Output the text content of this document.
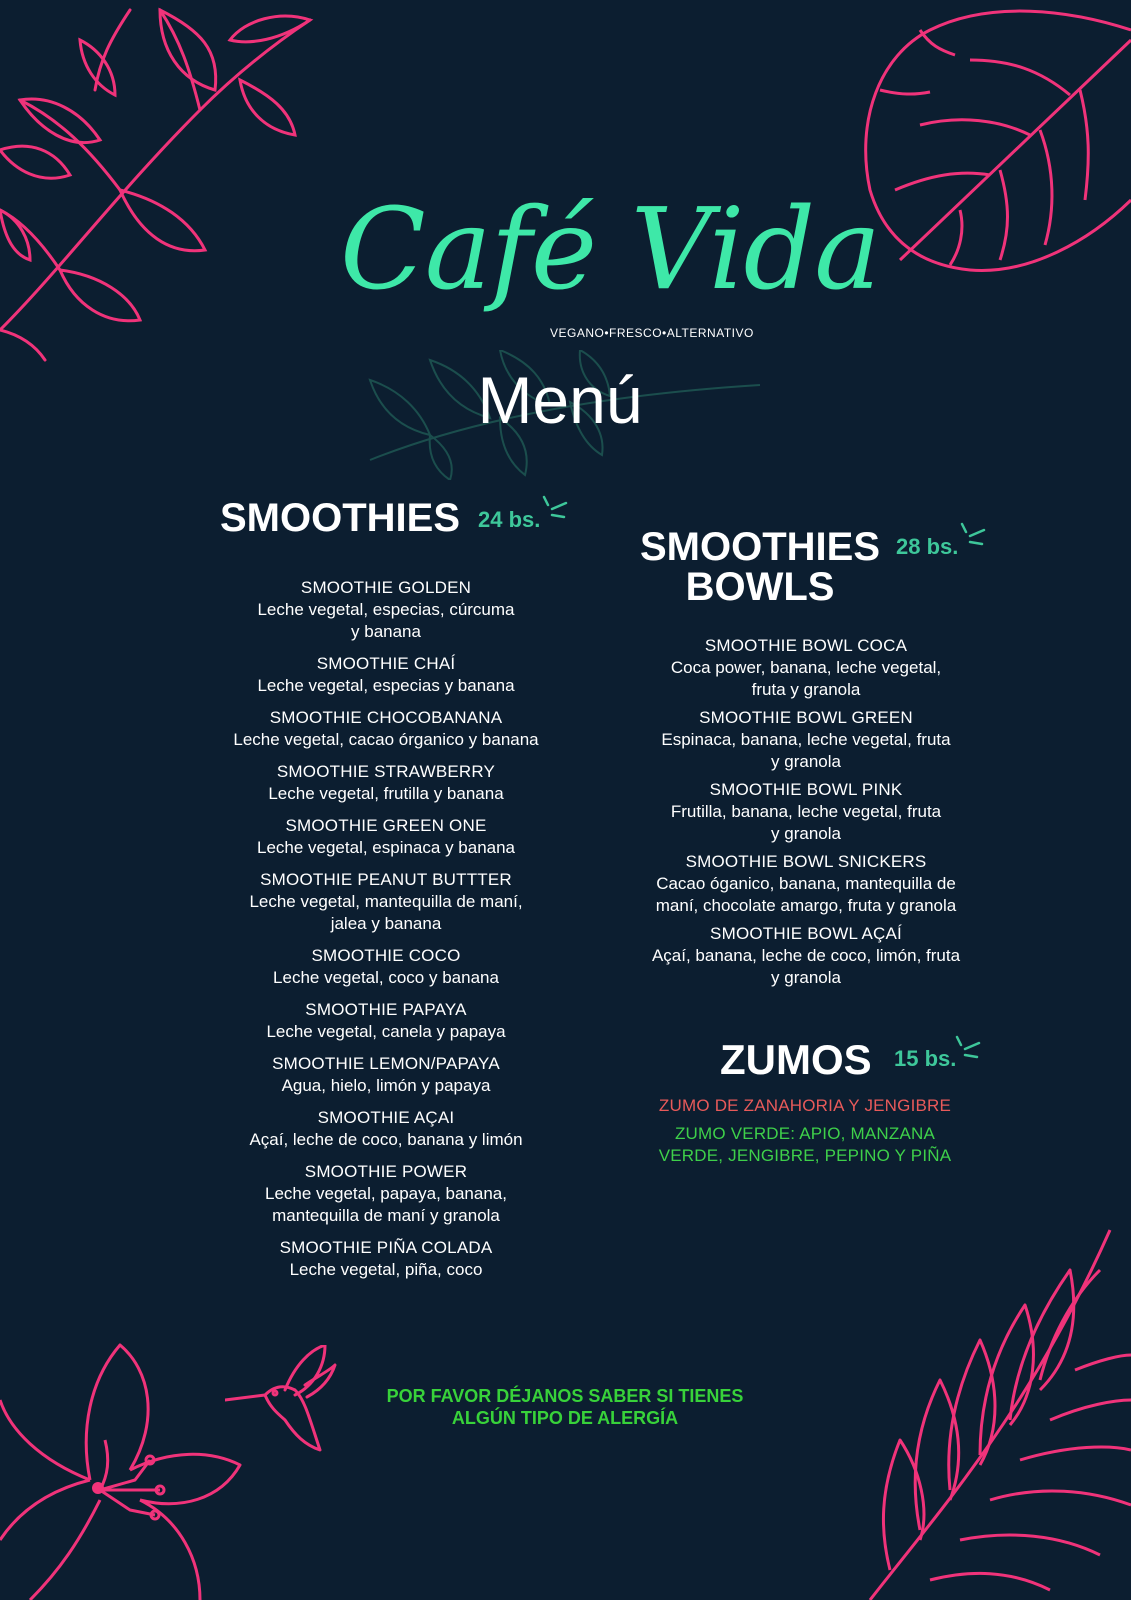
Café Vida
VEGANO•FRESCO•ALTERNATIVO
Menú
SMOOTHIES 24 bs.
SMOOTHIE GOLDEN
Leche vegetal, especias, cúrcuma
y banana
SMOOTHIE CHAÍ
Leche vegetal, especias y banana
SMOOTHIE CHOCOBANANA
Leche vegetal, cacao órganico y banana
SMOOTHIE STRAWBERRY
Leche vegetal, frutilla y banana
SMOOTHIE GREEN ONE
Leche vegetal, espinaca y banana
SMOOTHIE PEANUT BUTTTER
Leche vegetal, mantequilla de maní,
jalea y banana
SMOOTHIE COCO
Leche vegetal, coco y banana
SMOOTHIE PAPAYA
Leche vegetal, canela y papaya
SMOOTHIE LEMON/PAPAYA
Agua, hielo, limón y papaya
SMOOTHIE AÇAI
Açaí, leche de coco, banana y limón
SMOOTHIE POWER
Leche vegetal, papaya, banana,
mantequilla de maní y granola
SMOOTHIE PIÑA COLADA
Leche vegetal, piña, coco
SMOOTHIES
BOWLS
28 bs.
SMOOTHIE BOWL COCA
Coca power, banana, leche vegetal,
fruta y granola
SMOOTHIE BOWL GREEN
Espinaca, banana, leche vegetal, fruta
y granola
SMOOTHIE BOWL PINK
Frutilla, banana, leche vegetal, fruta
y granola
SMOOTHIE BOWL SNICKERS
Cacao óganico, banana, mantequilla de
maní, chocolate amargo, fruta y granola
SMOOTHIE BOWL AÇAÍ
Açaí, banana, leche de coco, limón, fruta
y granola
ZUMOS 15 bs.
ZUMO DE ZANAHORIA Y JENGIBRE
ZUMO VERDE: APIO, MANZANA
VERDE, JENGIBRE, PEPINO Y PIÑA
POR FAVOR DÉJANOS SABER SI TIENES
ALGÚN TIPO DE ALERGÍA
